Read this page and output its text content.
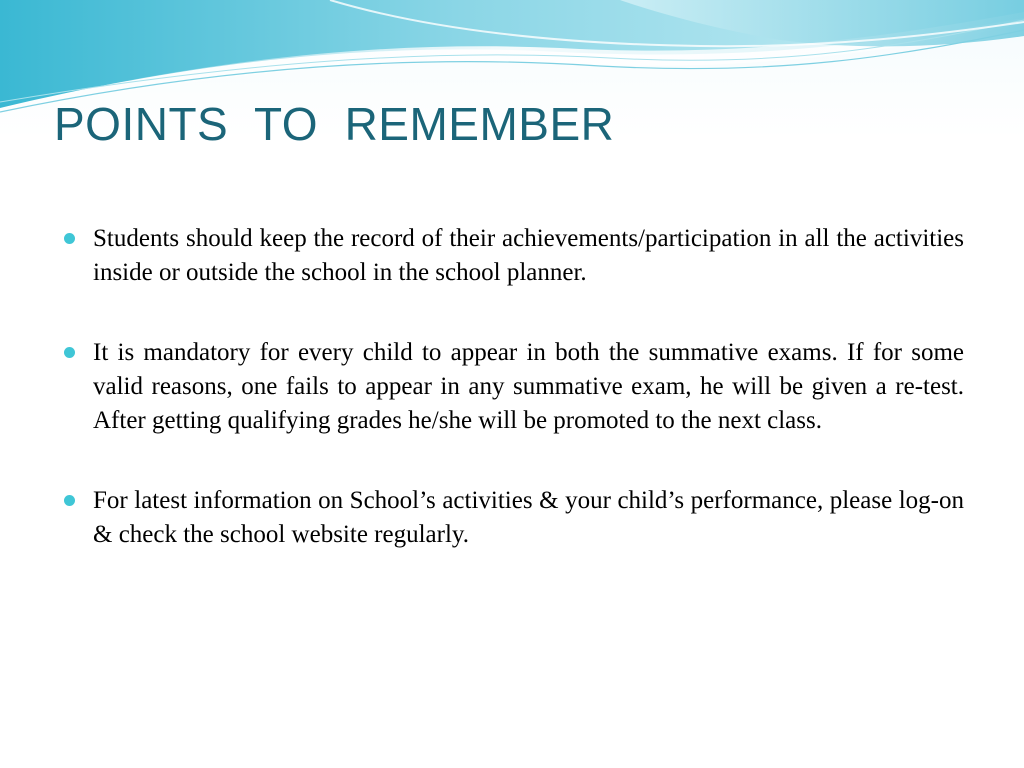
POINTS  TO  REMEMBER
Students should keep the record of their achievements/participation in all the activities inside or outside the school in the school planner.
It is mandatory for every child to appear in both the summative exams. If for some valid reasons, one fails to appear in any summative exam, he will be given a re-test. After getting qualifying grades he/she will be promoted to the next class.
For latest information on School’s activities & your child’s performance, please log-on & check the school website regularly.
